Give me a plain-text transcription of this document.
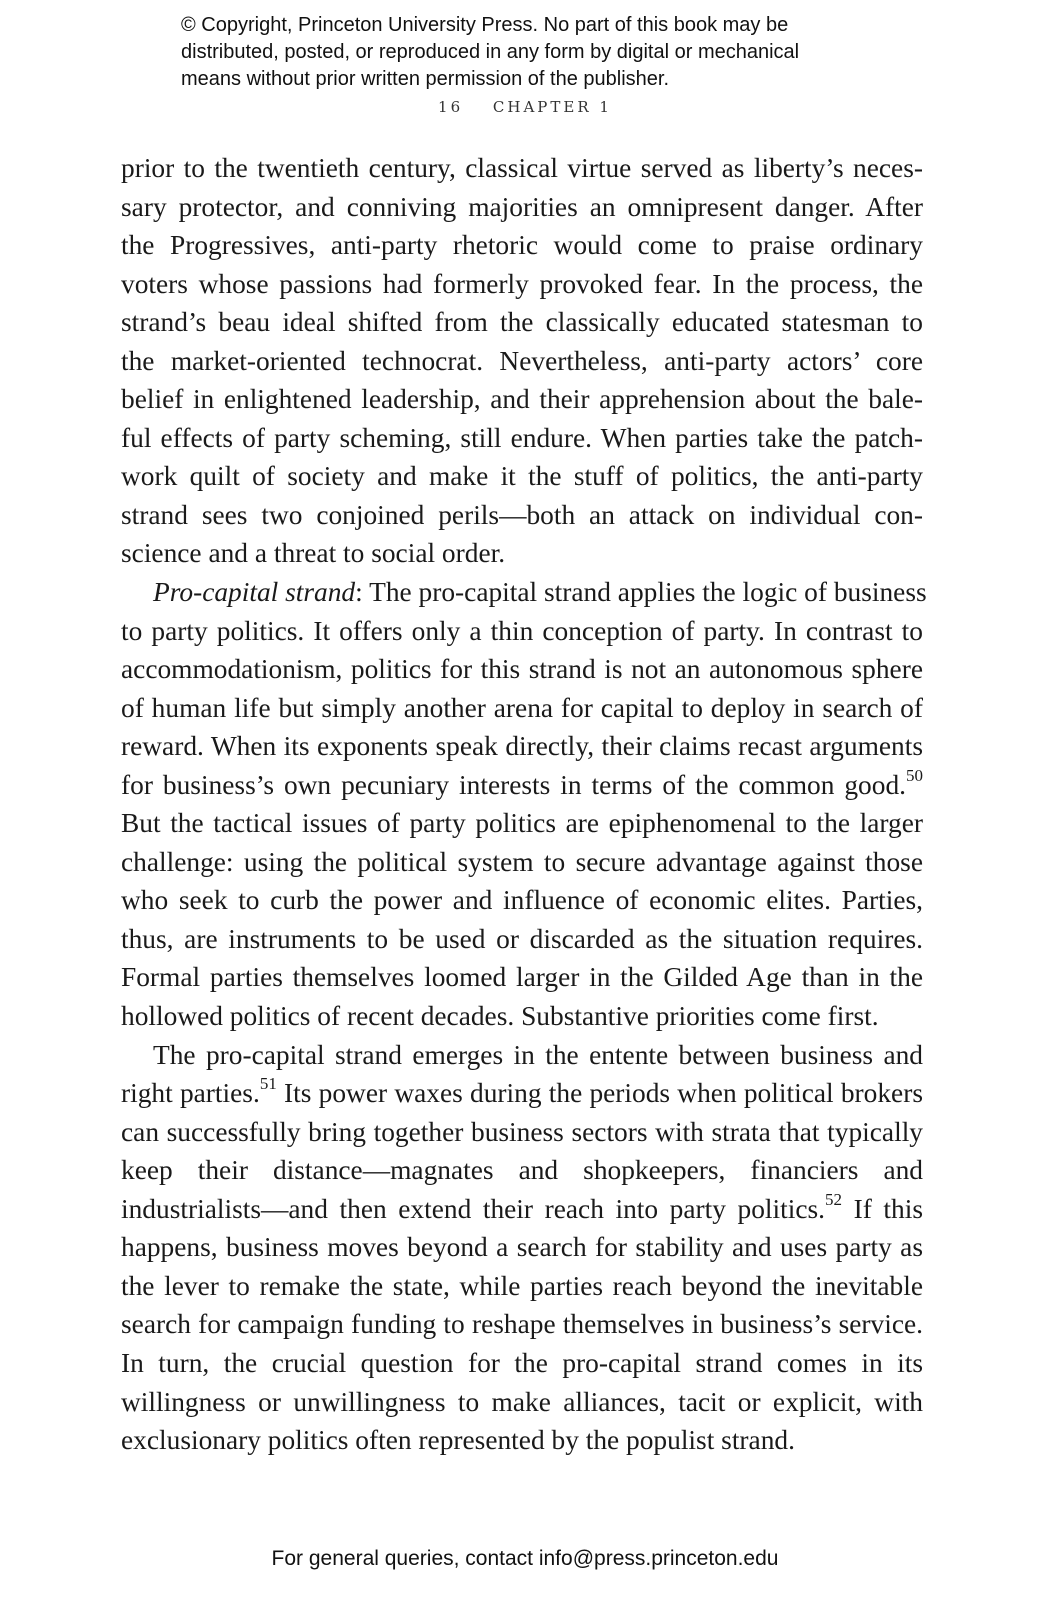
© Copyright, Princeton University Press. No part of this book may be
distributed, posted, or reproduced in any form by digital or mechanical
means without prior written permission of the publisher.
16 CHAPTER 1
prior to the twentieth century, classical virtue served as liberty’s neces-
sary protector, and conniving majorities an omnipresent danger. After
the Progressives, anti-party rhetoric would come to praise ordinary
voters whose passions had formerly provoked fear. In the process, the
strand’s beau ideal shifted from the classically educated statesman to
the market-oriented technocrat. Nevertheless, anti-party actors’ core
belief in enlightened leadership, and their apprehension about the bale-
ful effects of party scheming, still endure. When parties take the patch-
work quilt of society and make it the stuff of politics, the anti-party
strand sees two conjoined perils—both an attack on individual con-
science and a threat to social order.
Pro-capital strand: The pro-capital strand applies the logic of business
to party politics. It offers only a thin conception of party. In contrast to
accommodationism, politics for this strand is not an autonomous sphere
of human life but simply another arena for capital to deploy in search of
reward. When its exponents speak directly, their claims recast arguments
for business’s own pecuniary interests in terms of the common good.$^{50}$
But the tactical issues of party politics are epiphenomenal to the larger
challenge: using the political system to secure advantage against those
who seek to curb the power and influence of economic elites. Parties,
thus, are instruments to be used or discarded as the situation requires.
Formal parties themselves loomed larger in the Gilded Age than in the
hollowed politics of recent decades. Substantive priorities come first.
The pro-capital strand emerges in the entente between business and
right parties.$^{51}$ Its power waxes during the periods when political brokers
can successfully bring together business sectors with strata that typically
keep their distance—magnates and shopkeepers, financiers and
industrialists—and then extend their reach into party politics.$^{52}$ If this
happens, business moves beyond a search for stability and uses party as
the lever to remake the state, while parties reach beyond the inevitable
search for campaign funding to reshape themselves in business’s service.
In turn, the crucial question for the pro-capital strand comes in its
willingness or unwillingness to make alliances, tacit or explicit, with
exclusionary politics often represented by the populist strand.
For general queries, contact info@press.princeton.edu
